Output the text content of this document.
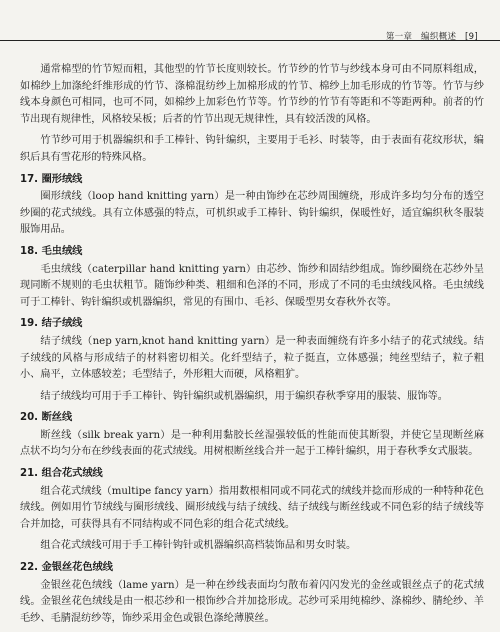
第一章　编织概述　[9]

通常棉型的竹节短而粗，其他型的竹节长度则较长。竹节纱的竹节与纱线本身可由不同原料组成，如棉纱上加涤纶纤维形成的竹节、涤棉混纺纱上加棉形成的竹节、棉纱上加毛形成的竹节等。竹节与纱线本身颜色可相同，也可不同，如棉纱上加彩色竹节等。竹节纱的竹节有等距和不等距两种。前者的竹节出现有规律性，风格较呆板；后者的竹节出现无规律性，具有较活泼的风格。

竹节纱可用于机器编织和手工棒针、钩针编织，主要用于毛衫、时装等，由于表面有花纹形状，编织后具有雪花形的特殊风格。

17. 圈形绒线

圈形绒线（loop hand knitting yarn）是一种由饰纱在芯纱周围缠绕，形成许多均匀分布的透空纱圈的花式绒线。具有立体感强的特点，可机织或手工棒针、钩针编织，保暖性好，适宜编织秋冬服装服饰用品。

18. 毛虫绒线

毛虫绒线（caterpillar hand knitting yarn）由芯纱、饰纱和固结纱组成。饰纱圈绕在芯纱外呈现同断不规则的毛虫状粗节。随饰纱种类、粗细和色泽的不同，形成了不同的毛虫绒线风格。毛虫绒线可于工棒针、钩针编织或机器编织，常见的有围巾、毛衫、保暖型男女春秋外衣等。

19. 结子绒线

结子绒线（nep yarn,knot hand knitting yarn）是一种表面缠绕有许多小结子的花式绒线。结子绒线的风格与形成结子的材料密切相关。化纤型结子，粒子挺直，立体感强；纯丝型结子，粒子粗小、扁平，立体感较差；毛型结子，外形粗大而硬，风格粗犷。

结子绒线均可用于手工棒针、钩针编织或机器编织，用于编织春秋季穿用的服装、服饰等。

20. 断丝线

断丝线（silk break yarn）是一种利用黏胶长丝湿强较低的性能而使其断裂，并使它呈现断丝麻点状不均匀分布在纱线表面的花式绒线。用树根断丝线合并一起于工棒针编织，用于春秋季女式服装。

21. 组合花式绒线

组合花式绒线（multipe fancy yarn）指用数根相同或不同花式的绒线并捻而形成的一种特种花色绒线。例如用竹节绒线与圈形绒线、圈形绒线与结子绒线、结子绒线与断丝线或不同色彩的结子绒线等合并加捻，可获得具有不同结构或不同色彩的组合花式绒线。

组合花式绒线可用于手工棒针钩针或机器编织高档装饰品和男女时装。

22. 金银丝花色绒线

金银丝花色绒线（lame yarn）是一种在纱线表面均匀散布着闪闪发光的金丝或银丝点子的花式绒线。金银丝花色绒线是由一根芯纱和一根饰纱合并加捻形成。芯纱可采用纯棉纱、涤棉纱、腈纶纱、羊毛纱、毛腈混纺纱等，饰纱采用金色或银色涤纶薄膜丝。
